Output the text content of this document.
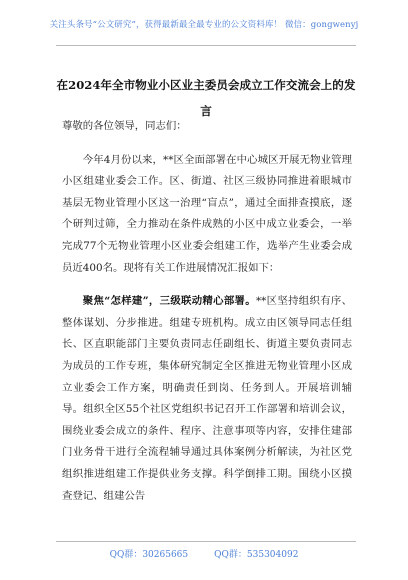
关注头条号“公文研究”，获得最新最全最专业的公文资料库！ 微信：gongwenyj
在2024年全市物业小区业主委员会成立工作交流会上的发言

尊敬的各位领导，同志们：

今年4月份以来，**区全面部署在中心城区开展无物业管理小区组建业委会工作。区、街道、社区三级协同推进着眼城市基层无物业管理小区这一治理“盲点”，通过全面排查摸底，逐个研判过筛，全力推动在条件成熟的小区中成立业委会，一举完成77个无物业管理小区业委会组建工作，选举产生业委会成员近400名。现将有关工作进展情况汇报如下：

聚焦“怎样建”，三级联动精心部署。**区坚持组织有序、整体谋划、分步推进。组建专班机构。成立由区领导同志任组长、区直职能部门主要负责同志任副组长、街道主要负责同志为成员的工作专班，集体研究制定全区推进无物业管理小区成立业委会工作方案，明确责任到岗、任务到人。开展培训辅导。组织全区55个社区党组织书记召开工作部署和培训会议，围绕业委会成立的条件、程序、注意事项等内容，安排住建部门业务骨干进行全流程辅导通过具体案例分析解读，为社区党组织推进组建工作提供业务支撑。科学倒排工期。围绕小区摸查登记、组建公告

QQ群：30265665	QQ群：535304092
